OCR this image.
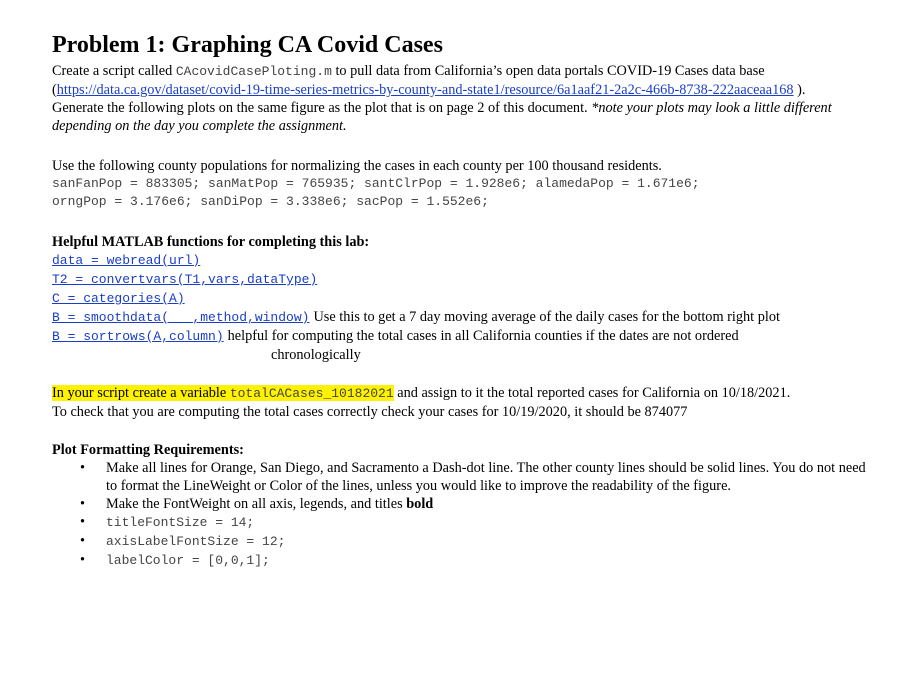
Problem 1: Graphing CA Covid Cases
Create a script called CAcovidCasePloting.m to pull data from California’s open data portals COVID-19 Cases data base (https://data.ca.gov/dataset/covid-19-time-series-metrics-by-county-and-state1/resource/6a1aaf21-2a2c-466b-8738-222aaceaa168 ).
Generate the following plots on the same figure as the plot that is on page 2 of this document. *note your plots may look a little different depending on the day you complete the assignment.
Use the following county populations for normalizing the cases in each county per 100 thousand residents.
sanFanPop = 883305; sanMatPop = 765935; santClrPop = 1.928e6; alamedaPop = 1.671e6;
orngPop = 3.176e6; sanDiPop = 3.338e6; sacPop = 1.552e6;
Helpful MATLAB functions for completing this lab:
data = webread(url)
T2 = convertvars(T1,vars,dataType)
C = categories(A)
B = smoothdata(___,method,window) Use this to get a 7 day moving average of the daily cases for the bottom right plot
B = sortrows(A,column) helpful for computing the total cases in all California counties if the dates are not ordered
chronologically
In your script create a variable totalCACases_10182021 and assign to it the total reported cases for California on 10/18/2021.
To check that you are computing the total cases correctly check your cases for 10/19/2020, it should be 874077
Plot Formatting Requirements:
• Make all lines for Orange, San Diego, and Sacramento a Dash-dot line. The other county lines should be solid lines. You do not need to format the LineWeight or Color of the lines, unless you would like to improve the readability of the figure.
• Make the FontWeight on all axis, legends, and titles bold
• titleFontSize = 14;
• axisLabelFontSize = 12;
• labelColor = [0,0,1];
